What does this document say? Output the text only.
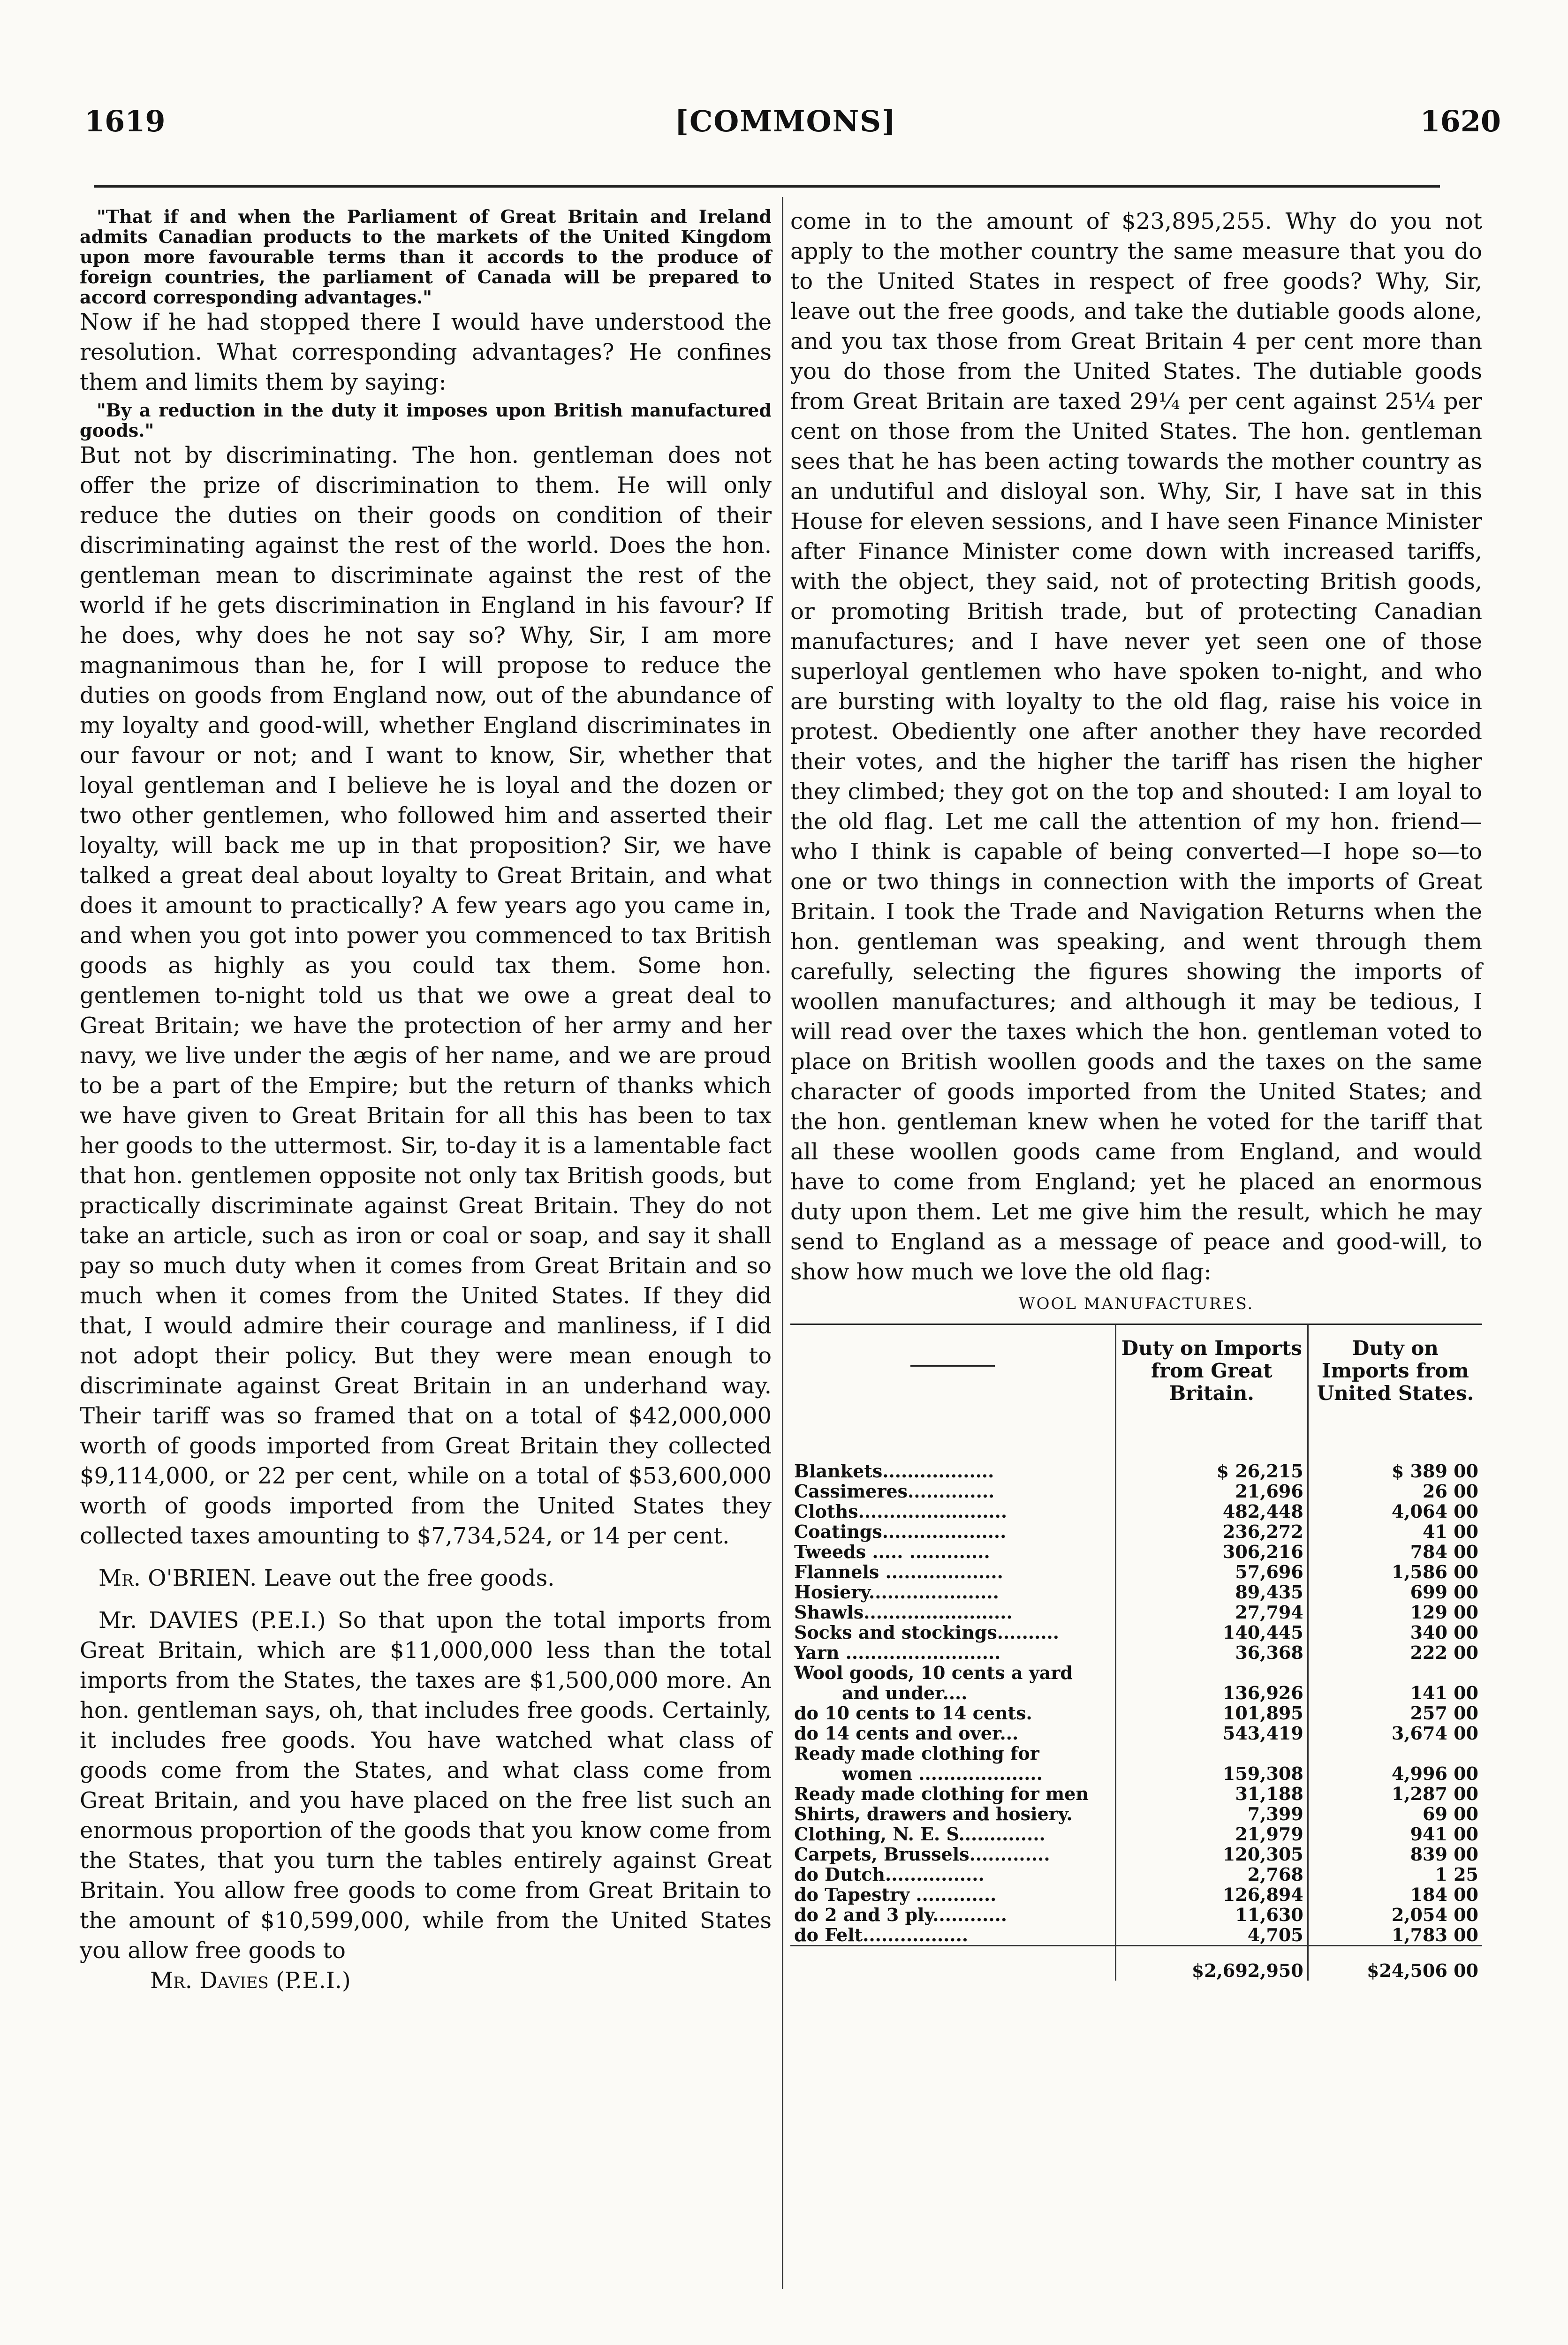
1619	[COMMONS]	1620

"That if and when the Parliament of Great Britain and Ireland admits Canadian products to the markets of the United Kingdom upon more favourable terms than it accords to the produce of foreign countries, the parliament of Canada will be prepared to accord corresponding advantages."

Now if he had stopped there I would have understood the resolution. What corresponding advantages? He confines them and limits them by saying:

"By a reduction in the duty it imposes upon British manufactured goods."

But not by discriminating. The hon. gentleman does not offer the prize of discrimination to them. He will only reduce the duties on their goods on condition of their discriminating against the rest of the world. Does the hon. gentleman mean to discriminate against the rest of the world if he gets discrimination in England in his favour? If he does, why does he not say so? Why, Sir, I am more magnanimous than he, for I will propose to reduce the duties on goods from England now, out of the abundance of my loyalty and good-will, whether England discriminates in our favour or not; and I want to know, Sir, whether that loyal gentleman and I believe he is loyal and the dozen or two other gentlemen, who followed him and asserted their loyalty, will back me up in that proposition? Sir, we have talked a great deal about loyalty to Great Britain, and what does it amount to practically? A few years ago you came in, and when you got into power you commenced to tax British goods as highly as you could tax them. Some hon. gentlemen to-night told us that we owe a great deal to Great Britain; we have the protection of her army and her navy, we live under the ægis of her name, and we are proud to be a part of the Empire; but the return of thanks which we have given to Great Britain for all this has been to tax her goods to the uttermost. Sir, to-day it is a lamentable fact that hon. gentlemen opposite not only tax British goods, but practically discriminate against Great Britain. They do not take an article, such as iron or coal or soap, and say it shall pay so much duty when it comes from Great Britain and so much when it comes from the United States. If they did that, I would admire their courage and manliness, if I did not adopt their policy. But they were mean enough to discriminate against Great Britain in an underhand way. Their tariff was so framed that on a total of $42,000,000 worth of goods imported from Great Britain they collected $9,114,000, or 22 per cent, while on a total of $53,600,000 worth of goods imported from the United States they collected taxes amounting to $7,734,524, or 14 per cent.

Mr. O'BRIEN. Leave out the free goods.

Mr. DAVIES (P.E.I.) So that upon the total imports from Great Britain, which are $11,000,000 less than the total imports from the States, the taxes are $1,500,000 more. An hon. gentleman says, oh, that includes free goods. Certainly, it includes free goods. You have watched what class of goods come from the States, and what class come from Great Britain, and you have placed on the free list such an enormous proportion of the goods that you know come from the States, that you turn the tables entirely against Great Britain. You allow free goods to come from Great Britain to the amount of $10,599,000, while from the United States you allow free goods to

Mr. Davies (P.E.I.)

come in to the amount of $23,895,255. Why do you not apply to the mother country the same measure that you do to the United States in respect of free goods? Why, Sir, leave out the free goods, and take the dutiable goods alone, and you tax those from Great Britain 4 per cent more than you do those from the United States. The dutiable goods from Great Britain are taxed 29¼ per cent against 25¼ per cent on those from the United States. The hon. gentleman sees that he has been acting towards the mother country as an undutiful and disloyal son. Why, Sir, I have sat in this House for eleven sessions, and I have seen Finance Minister after Finance Minister come down with increased tariffs, with the object, they said, not of protecting British goods, or promoting British trade, but of protecting Canadian manufactures; and I have never yet seen one of those superloyal gentlemen who have spoken to-night, and who are bursting with loyalty to the old flag, raise his voice in protest. Obediently one after another they have recorded their votes, and the higher the tariff has risen the higher they climbed; they got on the top and shouted: I am loyal to the old flag. Let me call the attention of my hon. friend—who I think is capable of being converted—I hope so—to one or two things in connection with the imports of Great Britain. I took the Trade and Navigation Returns when the hon. gentleman was speaking, and went through them carefully, selecting the figures showing the imports of woollen manufactures; and although it may be tedious, I will read over the taxes which the hon. gentleman voted to place on British woollen goods and the taxes on the same character of goods imported from the United States; and the hon. gentleman knew when he voted for the tariff that all these woollen goods came from England, and would have to come from England; yet he placed an enormous duty upon them. Let me give him the result, which he may send to England as a message of peace and good-will, to show how much we love the old flag:

WOOL MANUFACTURES.
	Duty on Imports from Great Britain.	Duty on Imports from United States.
Blankets..................	$ 26,215	$ 389 00
Cassimeres..............	21,696	26 00
Cloths........................	482,448	4,064 00
Coatings....................	236,272	41 00
Tweeds ..... .............	306,216	784 00
Flannels ...................	57,696	1,586 00
Hosiery.....................	89,435	699 00
Shawls........................	27,794	129 00
Socks and stockings..........	140,445	340 00
Yarn .........................	36,368	222 00
Wool goods, 10 cents a yard		
and under....	136,926	141 00
do 10 cents to 14 cents.	101,895	257 00
do 14 cents and over...	543,419	3,674 00
Ready made clothing for		
women ....................	159,308	4,996 00
Ready made clothing for men	31,188	1,287 00
Shirts, drawers and hosiery.	7,399	69 00
Clothing, N. E. S..............	21,979	941 00
Carpets, Brussels.............	120,305	839 00
do Dutch................	2,768	1 25
do Tapestry .............	126,894	184 00
do 2 and 3 ply............	11,630	2,054 00
do Felt.................	4,705	1,783 00
	$2,692,950	$24,506 00
